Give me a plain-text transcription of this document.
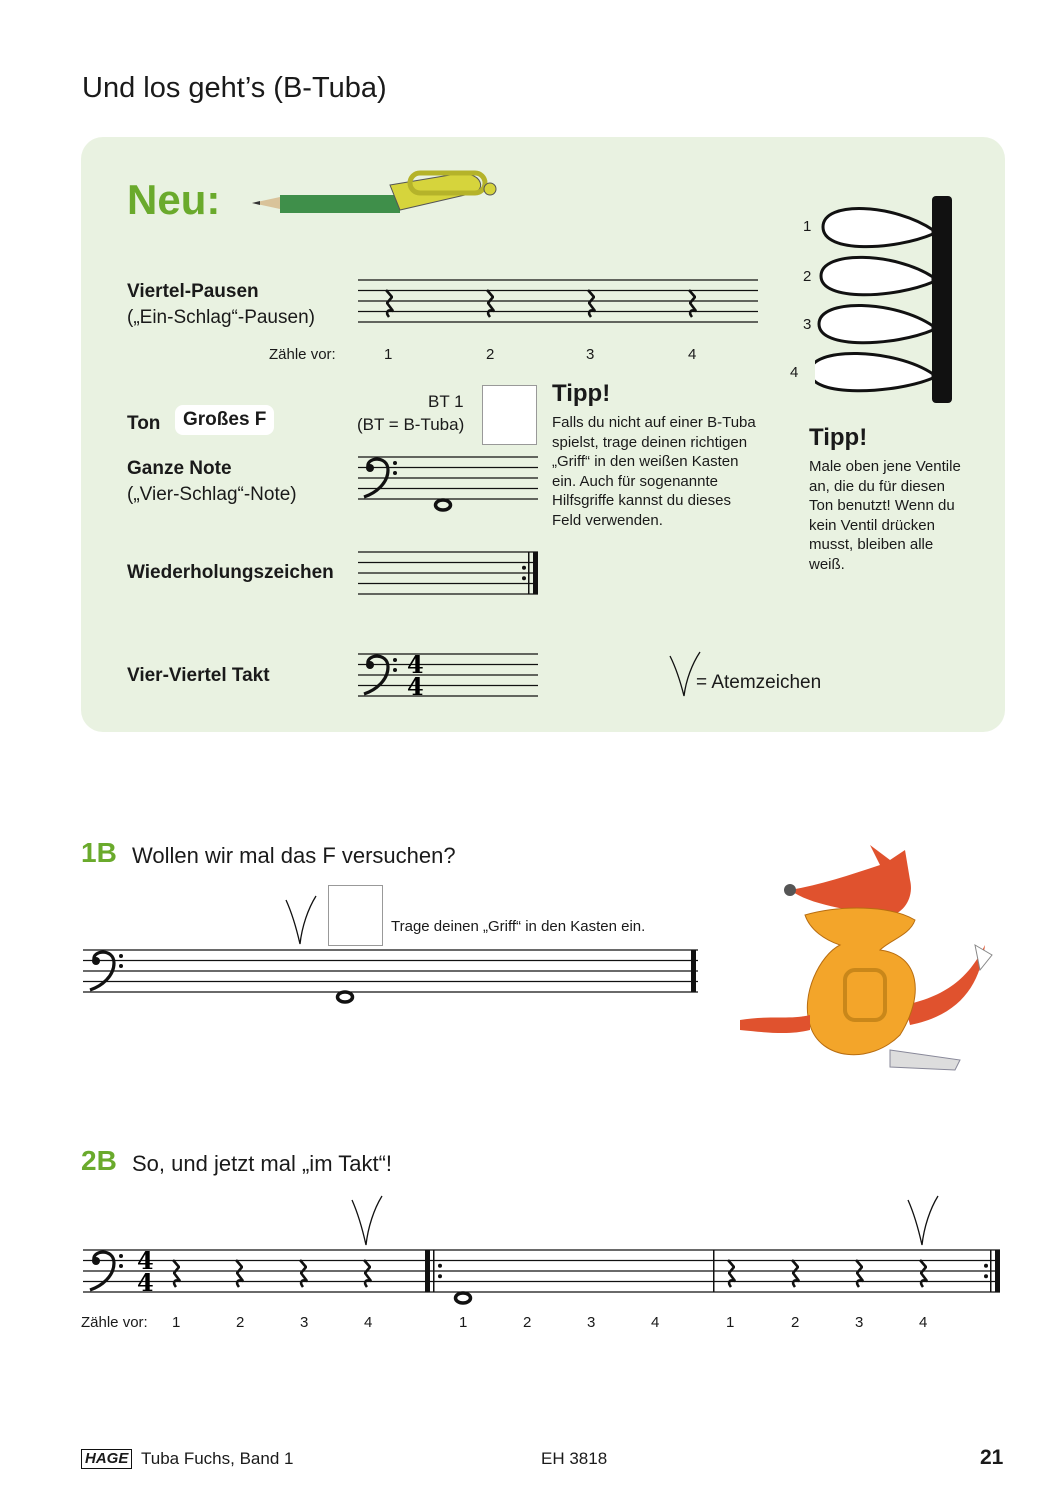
Und los geht’s (B-Tuba)
Neu:
Viertel-Pausen
(„Ein-Schlag“-Pausen)
Zähle vor:	1	2	3	4
Ton	Großes F
BT 1
(BT = B-Tuba)
Ganze Note
(„Vier-Schlag“-Note)
Wiederholungszeichen
Vier-Viertel Takt	= Atemzeichen
Tipp!
Falls du nicht auf einer B-Tuba
spielst, trage deinen richtigen
„Griff“ in den weißen Kasten
ein. Auch für sogenannte
Hilfsgriffe kannst du dieses
Feld verwenden.
Tipp!
Male oben jene Ventile
an, die du für diesen
Ton benutzt! Wenn du
kein Ventil drücken
musst, bleiben alle
weiß.
1
2
3
4
1B Wollen wir mal das F versuchen?
Trage deinen „Griff“ in den Kasten ein.
2B So, und jetzt mal „im Takt“!
Zähle vor: 1	2	3	4	1	2	3	4	1	2	3	4
4
4
4
4
HAGE Tuba Fuchs, Band 1	EH 3818	21
